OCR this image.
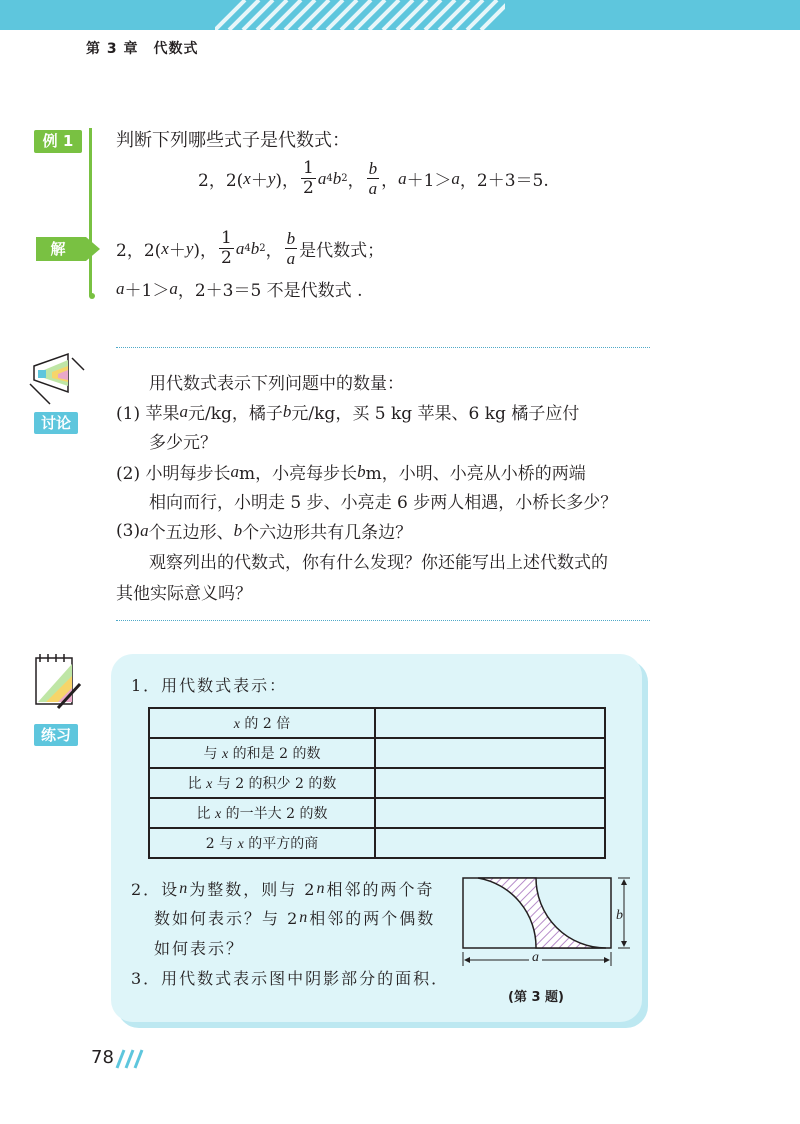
第 3 章　代数式
例 1	判断下列哪些式子是代数式：
2，2( x ＋ y )， $\frac{1}{2}$ a 4 b 2 ， $\frac{b}{a}$ ， a ＋1＞ a ，2＋3＝5.
解	2，2( x ＋ y )， $\frac{1}{2}$ a 4 b 2 ， $\frac{b}{a}$ 是代数式；
a ＋1＞ a ，2＋3＝5 不是代数式 .
讨论
用代数式表示下列问题中的数量：
(1) 苹果 a 元/kg，橘子 b 元/kg，买 5 kg 苹果、6 kg 橘子应付
多少元？
(2) 小明每步长 a m，小亮每步长 b m，小明、小亮从小桥的两端
相向而行，小明走 5 步、小亮走 6 步两人相遇，小桥长多少？
(3) a 个五边形、 b 个六边形共有几条边？
观察列出的代数式，你有什么发现？你还能写出上述代数式的
其他实际意义吗？
练习
1．用代数式表示：
x 的 2 倍	
与 x 的和是 2 的数	
比 x 与 2 的积少 2 的数	
比 x 的一半大 2 的数	
2 与 x 的平方的商	
2．设 n 为整数，则与 2 n 相邻的两个奇
数如何表示？与 2 n 相邻的两个偶数
如何表示？
3．用代数式表示图中阴影部分的面积．
a
b
(第 3 题)
78
